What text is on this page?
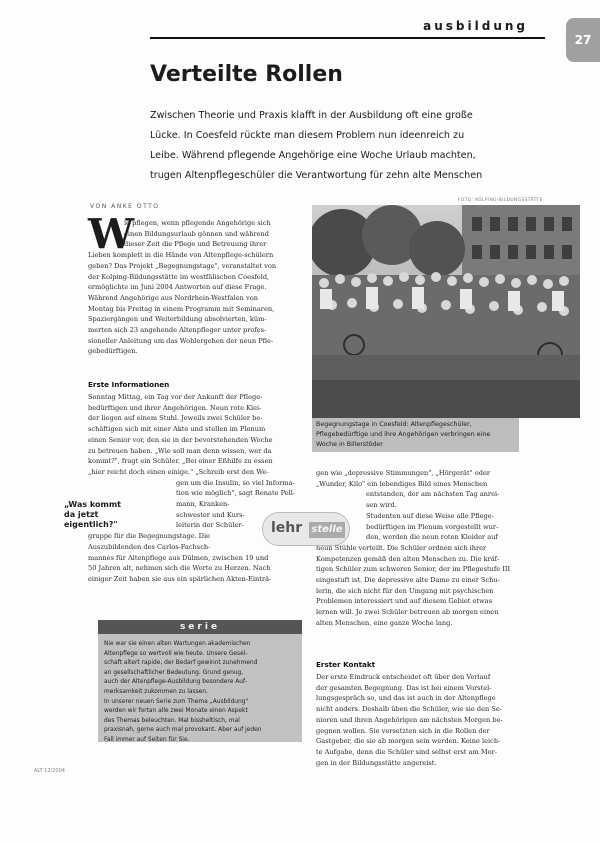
ausbildung
27
Verteilte Rollen
Zwischen Theorie und Praxis klafft in der Ausbildung oft eine große
Lücke. In Coesfeld rückte man diesem Problem nun ideenreich zu
Leibe. Während pflegende Angehörige eine Woche Urlaub machten,
trugen Altenpflegeschüler die Verantwortung für zehn alte Menschen
VON ANKE OTTO
FOTO: KOLPING-BILDUNGSSTÄTTE
W
ie pflegen, wenn pflegende Angehörige sich
einen Bildungsurlaub gönnen und während
dieser Zeit die Pflege und Betreuung ihrer
Lieben komplett in die Hände von Altenpflege-schülern
geben? Das Projekt „Begegnungstage", veranstaltet von
der Kolping-Bildungsstätte im westfälischen Coesfeld,
ermöglichte im Juni 2004 Antworten auf diese Frage.
Während Angehörige aus Nordrhein-Westfalen von
Montag bis Freitag in einem Programm mit Seminaren,
Spaziergängen und Weiterbildung absolvierten, küm-
merten sich 23 angehende Altenpfleger unter profes-
sioneller Anleitung um das Wohlergehen der neun Pfle-
gebedürftigen.
Erste Informationen
Sonntag Mittag, ein Tag vor der Ankunft der Pflege-
bedürftigen und ihrer Angehörigen. Neun rote Klei-
der liegen auf einem Stuhl. Jeweils zwei Schüler be-
schäftigen sich mit einer Akte und stellen im Plenum
einen Senior vor, den sie in der bevorstehenden Woche
zu betreuen haben. „Wie soll man denn wissen, wer da
kommt?", fragt ein Schüler. „Bei einer Eßhilfe zu essen
„hier reicht doch einen einige." „Schreib erst den We-
gen um die Insulin, so viel Informa-
tion wie möglich", sagt Renate Pell-
mann, Kranken-
schwester und Kurs-
leiterin der Schüler-
gruppe für die Begegnungstage. Die
Auszubildenden des Carlos-Fachsch-
mannes für Altenpflege aus Dülmen, zwischen 19 und
50 Jahren alt, nehmen sich die Worte zu Herzen. Nach
einiger Zeit haben sie aus ein spärlichen Akten-Einträ-
„Was kommt
da jetzt
eigentlich?"
Begegnungstage in Coesfeld: Altenpflegeschüler,
Pflegebedürftige und ihre Angehörigen verbringen eine
Woche in Billerstöder
lehr stelle
gen wie „depressive Stimmungen", „Hörgerät" oder
„Wunder, Kilo" ein lebendiges Bild eines Menschen
entstanden, der am nächsten Tag anrei-
sen wird.
Studenten auf diese Weise alle Pflege-
bedürftigen im Plenum vorgestellt wur-
den, werden die neun roten Kleider auf
neun Stühle verteilt. Die Schüler ordnen sich ihrer
Kompetenzen gemäß den alten Menschen zu. Die kräf-
tigen Schüler zum schweren Senior, der im Pflegestufe III
eingestuft ist. Die depressive alte Dame zu einer Schu-
lerin, die sich nicht für den Umgang mit psychischen
Problemen interessiert und auf diesem Gebiet etwas
lernen will. Je zwei Schüler betreuen ab morgen einen
alten Menschen, eine ganze Woche lang.
Erster Kontakt
Der erste Eindruck entscheidet oft über den Verlauf
der gesamten Begegnung. Das ist bei einem Vorstel-
lungsgespräch so, und das ist auch in der Altenpflege
nicht anders. Deshalb üben die Schüler, wie sie den Se-
nioren und ihren Angehörigen am nächsten Morgen be-
gegnen wollen. Sie versetzten sich in die Rollen der
Gastgeber, die sie ab morgen sein werden. Keine leich-
te Aufgabe, denn die Schüler sind selbst erst am Mor-
gen in der Bildungsstätte angereist.
serie
Nie war sie einen alten Wartungen akademischen
Altenpflege so wertvoll wie heute. Unsere Gesel-
schaft altert rapide, der Bedarf gewinnt zunehmend
an gesellschaftlicher Bedeutung. Grund genug,
auch der Altenpflege-Ausbildung besondere Auf-
merksamkeit zukommen zu lassen.
In unserer neuen Serie zum Thema „Ausbildung"
werden wir fortan alle zwei Monate einen Aspekt
des Themas beleuchten. Mal bissheltisch, mal
praxisnah, gerne auch mal provokant. Aber auf jeden
Fall immer auf Seiten für Sie.
ALT 12/2004
